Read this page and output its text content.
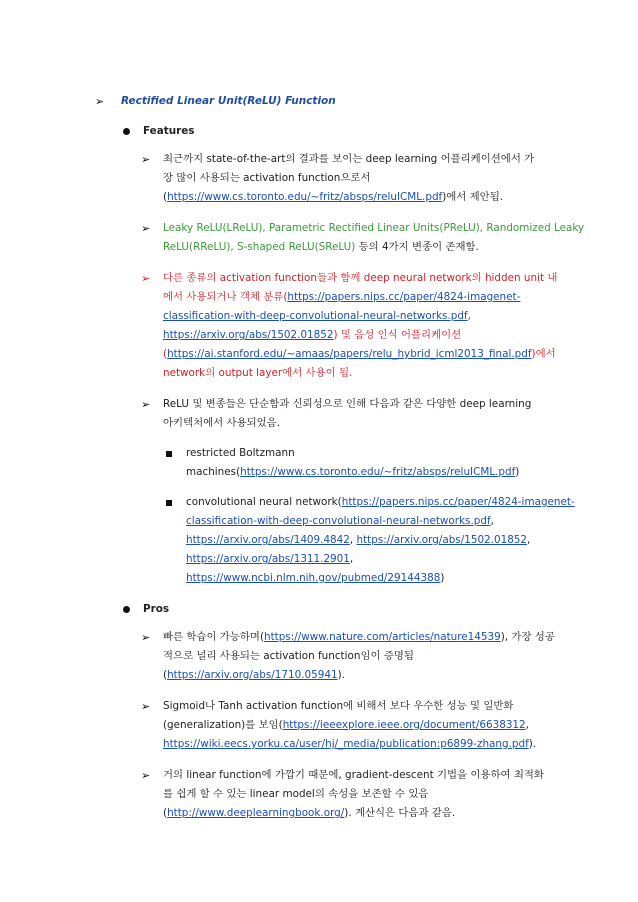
➢ Rectified Linear Unit(ReLU) Function
Features
➢ 최근까지 state-of-the-art의 결과를 보이는 deep learning 어플리케이션에서 가
장 많이 사용되는 activation function으로서
(https://www.cs.toronto.edu/~fritz/absps/reluICML.pdf)에서 제안됨.
➢ Leaky ReLU(LReLU), Parametric Rectified Linear Units(PReLU), Randomized Leaky
ReLU(RReLU), S-shaped ReLU(SReLU) 등의 4가지 변종이 존재함.
➢ 다른 종류의 activation function들과 함께 deep neural network의 hidden unit 내
에서 사용되거나 객체 분류(https://papers.nips.cc/paper/4824-imagenet-
classification-with-deep-convolutional-neural-networks.pdf,
https://arxiv.org/abs/1502.01852) 및 음성 인식 어플리케이션
(https://ai.stanford.edu/~amaas/papers/relu_hybrid_icml2013_final.pdf)에서
network의 output layer에서 사용이 됨.
➢ ReLU 및 변종들은 단순함과 신뢰성으로 인해 다음과 같은 다양한 deep learning
아키텍처에서 사용되었음.
restricted Boltzmann
machines(https://www.cs.toronto.edu/~fritz/absps/reluICML.pdf)
convolutional neural network(https://papers.nips.cc/paper/4824-imagenet-
classification-with-deep-convolutional-neural-networks.pdf,
https://arxiv.org/abs/1409.4842, https://arxiv.org/abs/1502.01852,
https://arxiv.org/abs/1311.2901,
https://www.ncbi.nlm.nih.gov/pubmed/29144388)
Pros
➢ 빠른 학습이 가능하며(https://www.nature.com/articles/nature14539), 가장 성공
적으로 널리 사용되는 activation function임이 증명됨
(https://arxiv.org/abs/1710.05941).
➢ Sigmoid나 Tanh activation function에 비해서 보다 우수한 성능 및 일반화
(generalization)를 보임(https://ieeexplore.ieee.org/document/6638312,
https://wiki.eecs.yorku.ca/user/hj/_media/publication:p6899-zhang.pdf).
➢ 거의 linear function에 가깝기 때문에, gradient-descent 기법을 이용하여 최적화
를 쉽게 할 수 있는 linear model의 속성을 보존할 수 있음
(http://www.deeplearningbook.org/). 계산식은 다음과 같음.
